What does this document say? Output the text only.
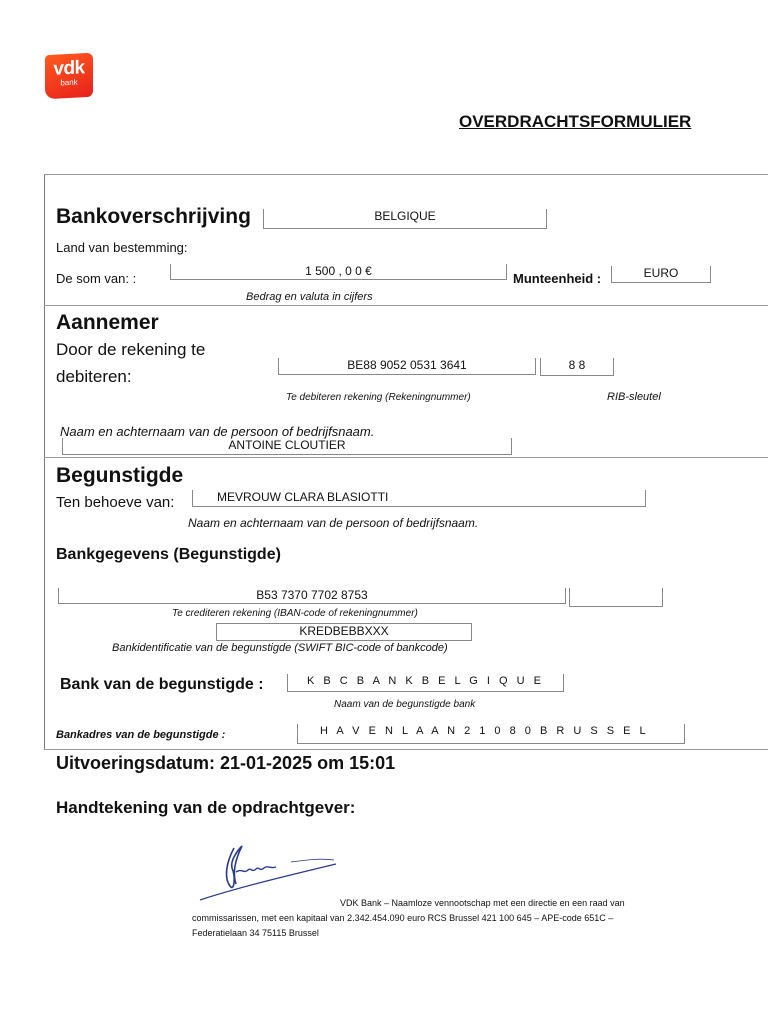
vdk
bank
OVERDRACHTSFORMULIER
Bankoverschrijving	BELGIQUE
Land van bestemming:
De som van: :	1 500 , 0 0 €
Bedrag en valuta in cijfers
Munteenheid :	EURO
Aannemer
Door de rekening te
debiteren:
BE88 9052 0531 3641	8 8
Te debiteren rekening (Rekeningnummer)	RIB-sleutel
Naam en achternaam van de persoon of bedrijfsnaam.
ANTOINE CLOUTIER
Begunstigde
Ten behoeve van:	MEVROUW CLARA BLASIOTTI
Naam en achternaam van de persoon of bedrijfsnaam.
Bankgegevens (Begunstigde)
B53 7370 7702 8753
Te crediteren rekening (IBAN-code of rekeningnummer)
KREDBEBBXXX
Bankidentificatie van de begunstigde (SWIFT BIC-code of bankcode)
Bank van de begunstigde :	K B C B A N K B E L G I Q U E
Naam van de begunstigde bank
Bankadres van de begunstigde :	H A V E N L A A N 2 1 0 8 0 B R U S S E L
Uitvoeringsdatum: 21-01-2025 om 15:01
Handtekening van de opdrachtgever:
VDK Bank – Naamloze vennootschap met een directie en een raad van
commissarissen, met een kapitaal van 2.342.454.090 euro RCS Brussel 421 100 645 – APE-code 651C –
Federatielaan 34 75115 Brussel
